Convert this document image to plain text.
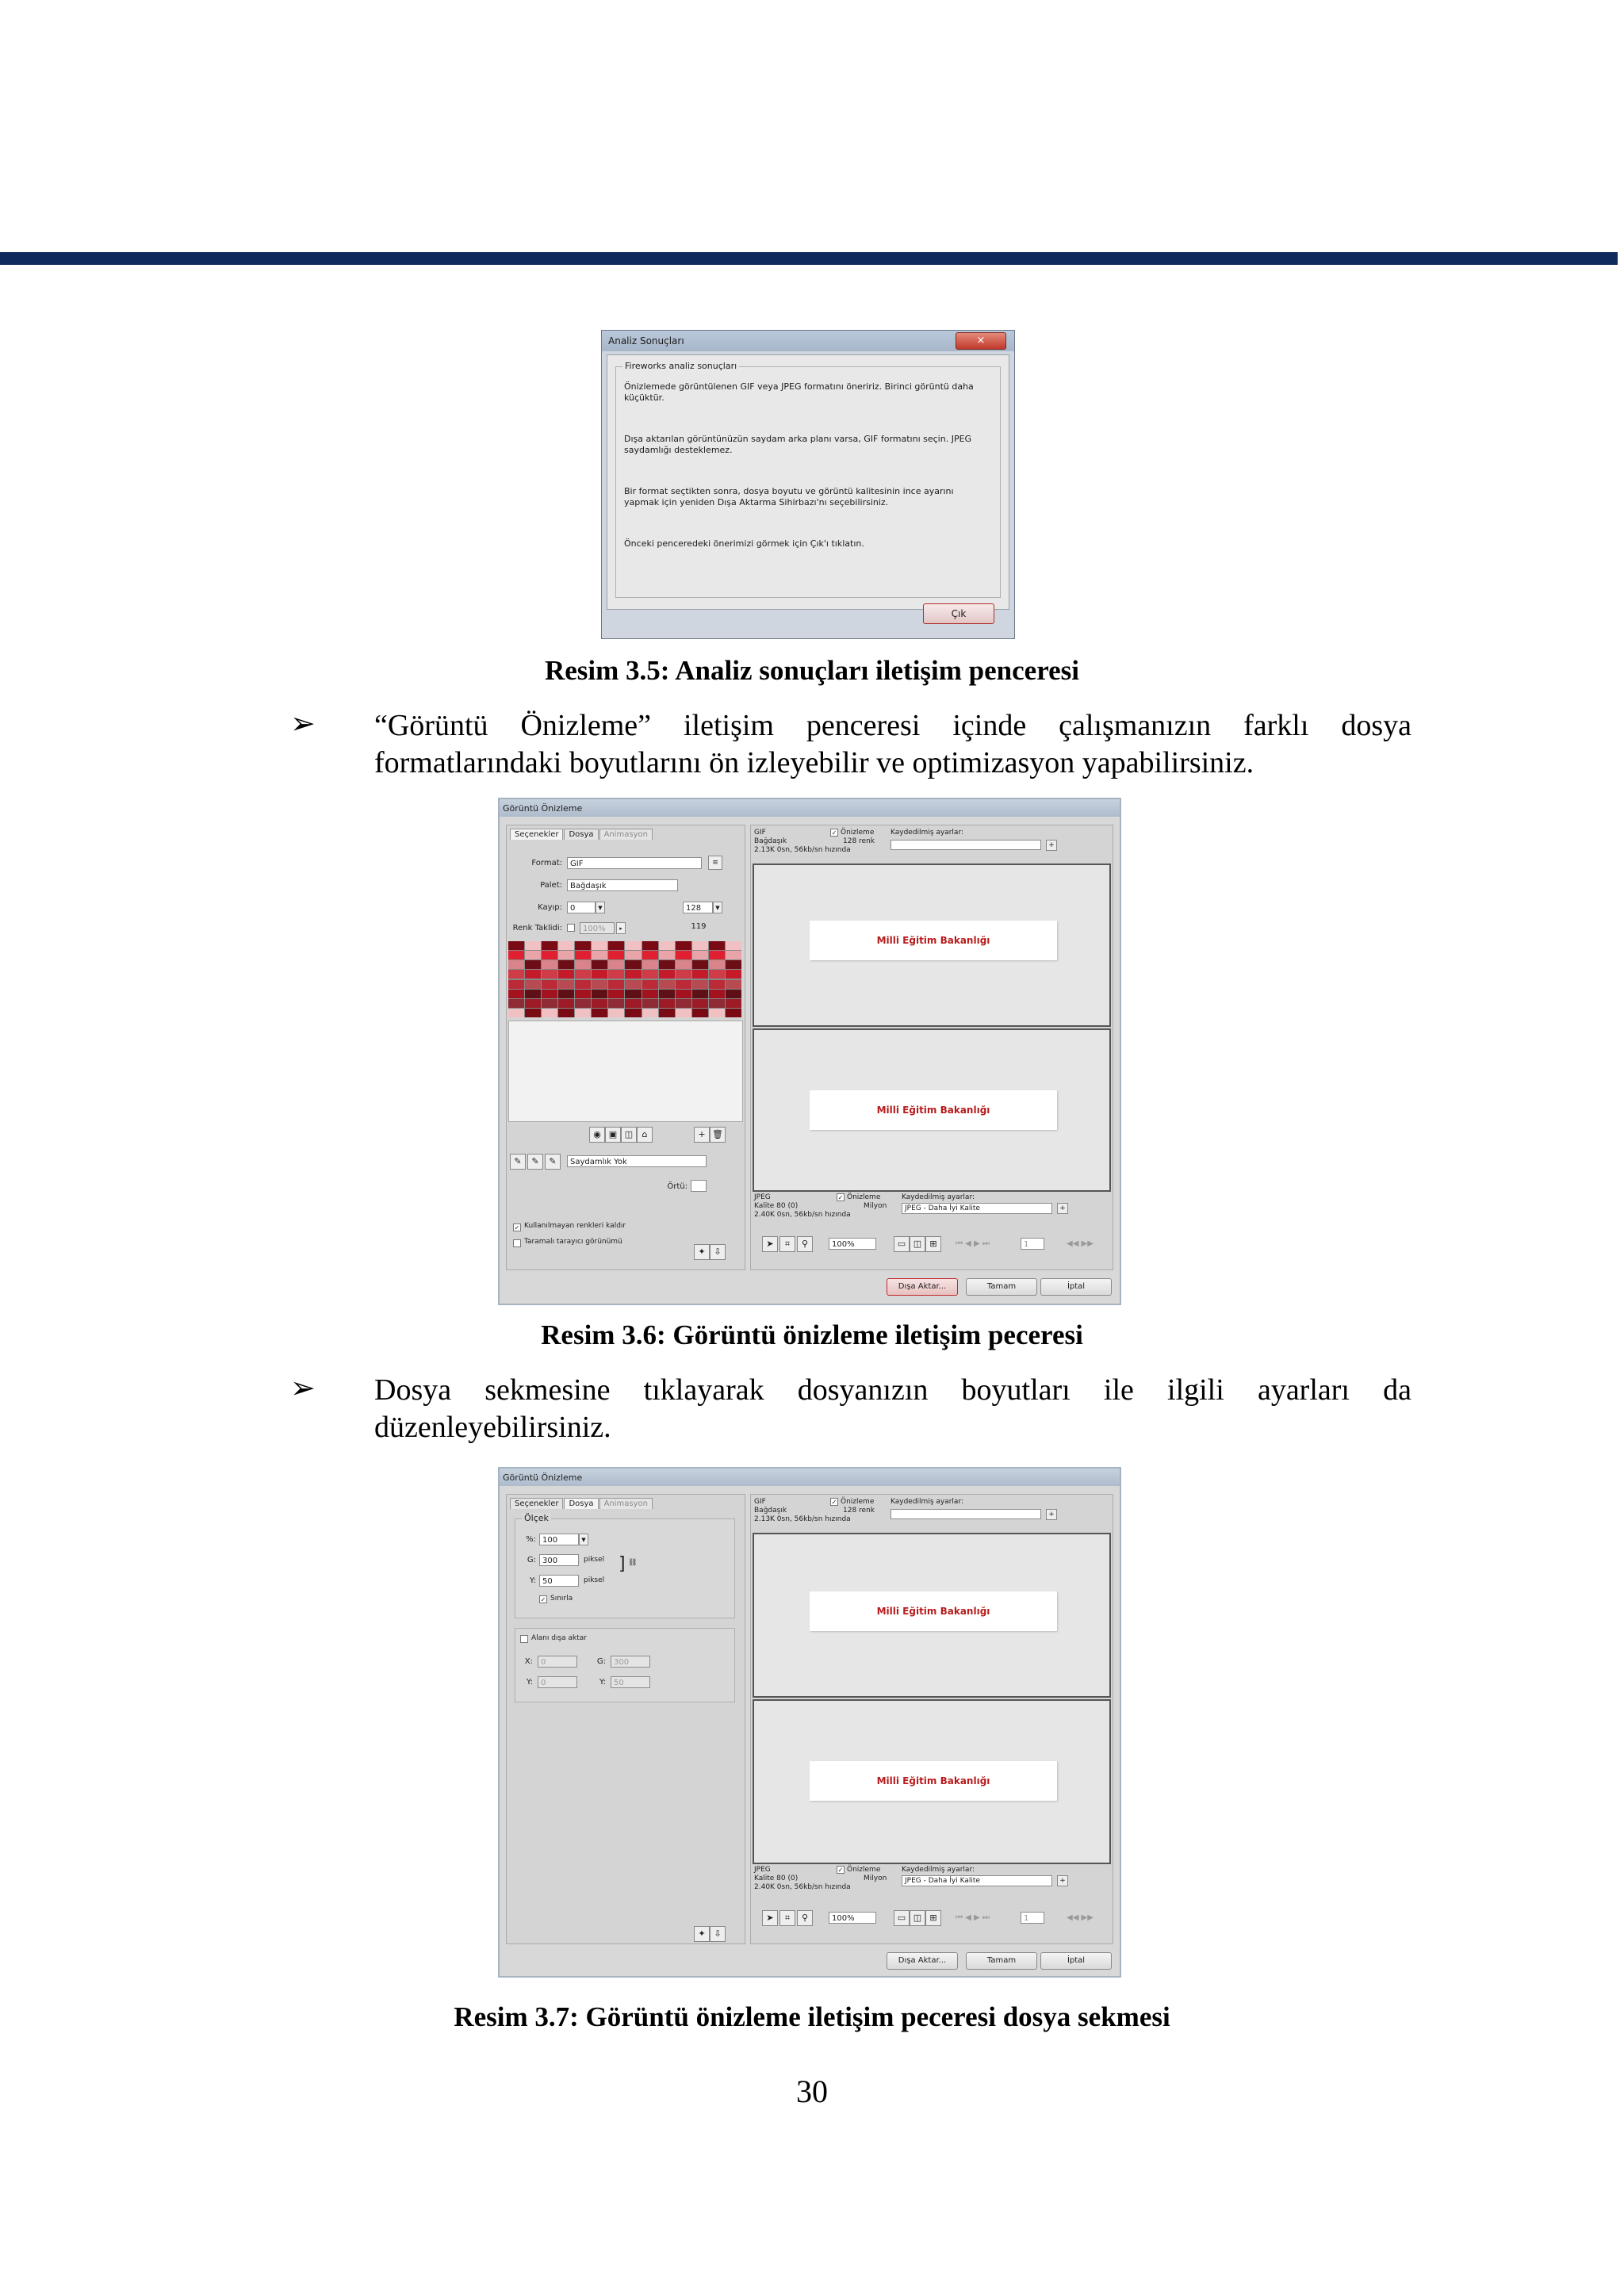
Analiz Sonuçları	×
Fireworks analiz sonuçları
Önizlemede görüntülenen GIF veya JPEG formatını öneririz. Birinci görüntü daha küçüktür.
Dışa aktarılan görüntünüzün saydam arka planı varsa, GIF formatını seçin. JPEG saydamlığı desteklemez.
Bir format seçtikten sonra, dosya boyutu ve görüntü kalitesinin ince ayarını yapmak için yeniden Dışa Aktarma Sihirbazı'nı seçebilirsiniz.
Önceki penceredeki önerimizi görmek için Çık'ı tıklatın.
Çık
Resim 3.5: Analiz sonuçları iletişim penceresi
➢ “Görüntü Önizleme” iletişim penceresi içinde çalışmanızın farklı dosya formatlarındaki boyutlarını ön izleyebilir ve optimizasyon yapabilirsiniz.
Görüntü Önizleme
Seçenekler Dosya Animasyon
Format:	GIF	≡
Palet:	Bağdaşık
Kayıp:	0	▼	128	▼
119
Renk Taklidi:	100%	▸
◉ ▣ ◫	⌂	+ 🗑
✎	✎	✎	Saydamlık Yok
Örtü:
✓ Kullanılmayan renkleri kaldır
Taramalı tarayıcı görünümü
✦ ⇩
GIF
Bağdaşık
2.13K 0sn, 56kb/sn hızında
✓ Önizleme
128 renk
Kaydedilmiş ayarlar:
+
Milli Eğitim Bakanlığı
Milli Eğitim Bakanlığı
JPEG
Kalite 80 (0)
2.40K 0sn, 56kb/sn hızında
✓ Önizleme
Milyon
Kaydedilmiş ayarlar:
JPEG - Daha İyi Kalite	+
➤	⌗	⚲	100%	▭ ◫ ⊞	⏮ ◀ ▶ ⏭	1	◀◀ ▶▶
Dışa Aktar...	Tamam	İptal
Resim 3.6: Görüntü önizleme iletişim peceresi
➢ Dosya sekmesine tıklayarak dosyanızın boyutları ile ilgili ayarları da düzenleyebilirsiniz.
Görüntü Önizleme
Seçenekler Dosya Animasyon
Ölçek
%: 100	▼
G: 300	piksel ] ⛓
Y: 50	piksel
✓ Sınırla
Alanı dışa aktar
X:	0	G:	300
Y:	0	Y:	50
✦ ⇩
GIF
Bağdaşık
2.13K 0sn, 56kb/sn hızında
✓ Önizleme
128 renk
Kaydedilmiş ayarlar:
+
Milli Eğitim Bakanlığı
Milli Eğitim Bakanlığı
JPEG
Kalite 80 (0)
2.40K 0sn, 56kb/sn hızında
✓ Önizleme
Milyon
Kaydedilmiş ayarlar:
JPEG - Daha İyi Kalite	+
➤	⌗	⚲	100%	▭ ◫ ⊞	⏮ ◀ ▶ ⏭	1	◀◀ ▶▶
Dışa Aktar...	Tamam	İptal
Resim 3.7: Görüntü önizleme iletişim peceresi dosya sekmesi
30
